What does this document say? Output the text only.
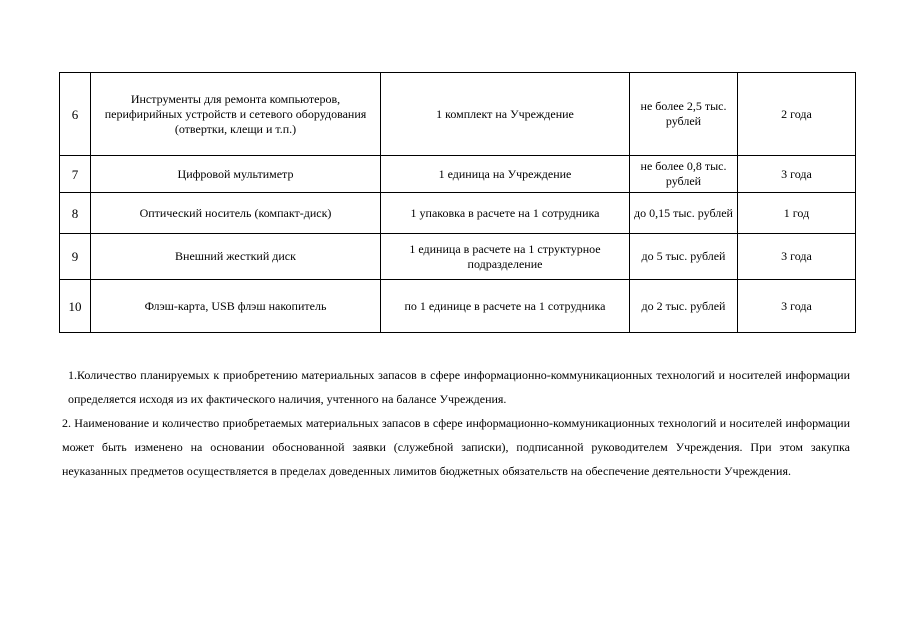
6	Инструменты для ремонта компьютеров, перифирийных устройств и сетевого оборудования (отвертки, клещи и т.п.)	1 комплект на Учреждение	не более 2,5 тыс. рублей	2 года
7	Цифровой мультиметр	1 единица на Учреждение	не более 0,8 тыс. рублей	3 года
8	Оптический носитель (компакт-диск)	1 упаковка в расчете на 1 сотрудника	до 0,15 тыс. рублей	1 год
9	Внешний жесткий диск	1 единица в расчете на 1 структурное подразделение	до 5 тыс. рублей	3 года
10	Флэш-карта, USB флэш накопитель	по 1 единице в расчете на 1 сотрудника	до 2 тыс. рублей	3 года

1.Количество планируемых к приобретению материальных запасов в сфере информационно-коммуникационных технологий и носителей информации определяется исходя из их фактического наличия, учтенного на балансе Учреждения.

2. Наименование и количество приобретаемых материальных запасов в сфере информационно-коммуникационных технологий и носителей информации может быть изменено на основании обоснованной заявки (служебной записки), подписанной руководителем Учреждения. При этом закупка неуказанных предметов осуществляется в пределах доведенных лимитов бюджетных обязательств на обеспечение деятельности Учреждения.
